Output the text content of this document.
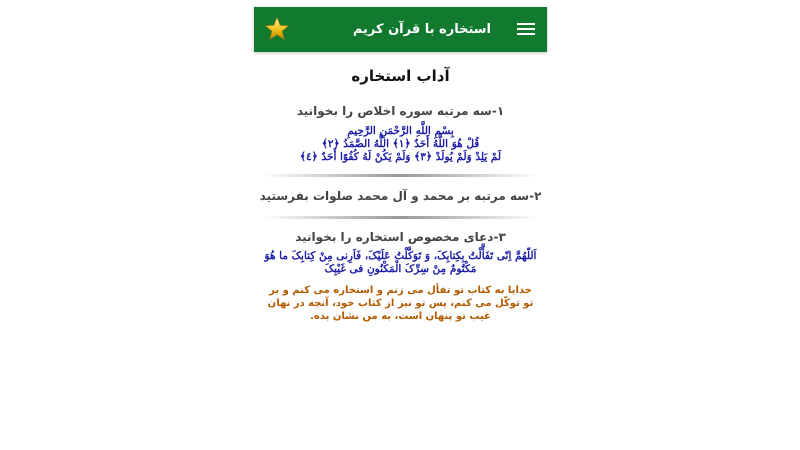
استخاره با قرآن کریم
آداب استخاره
۱-سه مرتبه سوره اخلاص را بخوانید
بِسْمِ اللَّهِ الرَّحْمَنِ الرَّحِيمِ
قُلْ هُوَ اللَّهُ أَحَدٌ ﴿١﴾ اللَّهُ الصَّمَدُ ﴿٢﴾
لَمْ يَلِدْ وَلَمْ يُولَدْ ﴿٣﴾ وَلَمْ يَكُنْ لَهُ كُفُوًا أَحَدٌ ﴿٤﴾
۲-سه مرتبه بر محمد و آل محمد صلوات بفرستید
۳-دعای مخصوص استخاره را بخوانید
اَللّهُمَّ اِنّی تَفَأَّلْتُ بِکِتابِکَ، وَ تَوَکَّلْتُ عَلَیْکَ، فَاَرِنی مِنْ کِتابِکَ ما هُوَ مَکْتُومٌ مِنْ سِرِّکَ الْمَکْنُونِ فی غَیْبِکَ
خدایا به کتاب تو تفأل می زنم و استخاره می کنم و بر تو توکّل می کنم، پس تو نیز از کتاب خود، آنچه در نهان غیب تو پنهان است، به من نشان بده.
